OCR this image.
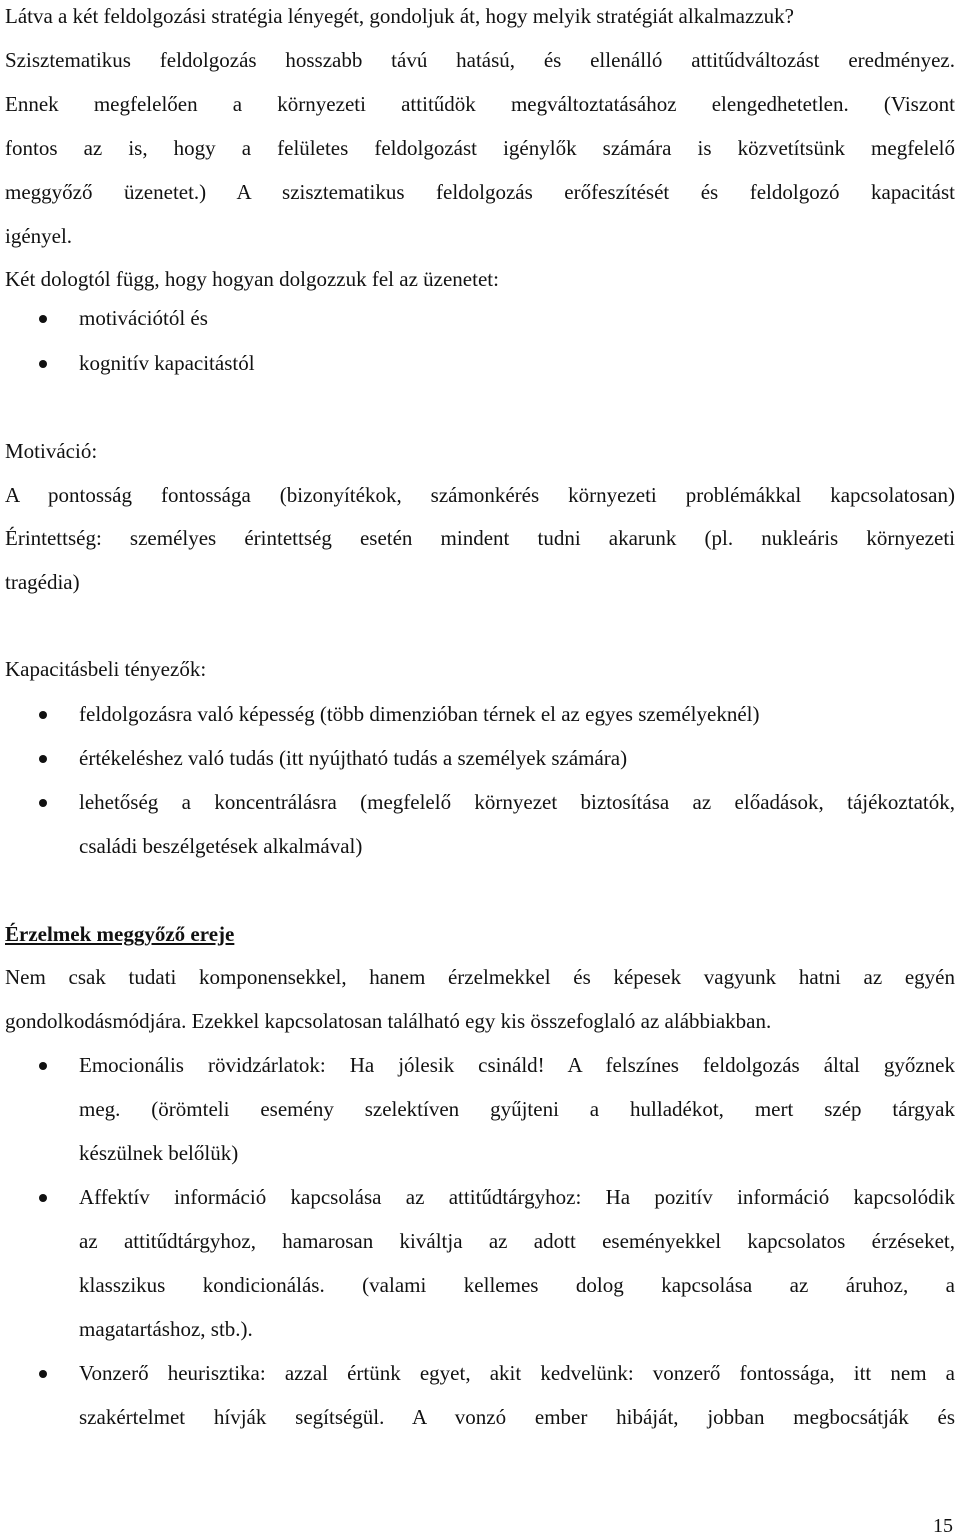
Látva a két feldolgozási stratégia lényegét, gondoljuk át, hogy melyik stratégiát alkalmazzuk?
Szisztematikus feldolgozás hosszabb távú hatású, és ellenálló attitűdváltozást eredményez.
Ennek megfelelően a környezeti attitűdök megváltoztatásához elengedhetetlen. (Viszont
fontos az is, hogy a felületes feldolgozást igénylők számára is közvetítsünk megfelelő
meggyőző üzenetet.) A szisztematikus feldolgozás erőfeszítését és feldolgozó kapacitást
igényel.
Két dologtól függ, hogy hogyan dolgozzuk fel az üzenetet:
motivációtól és
kognitív kapacitástól
Motiváció:
A pontosság fontossága (bizonyítékok, számonkérés környezeti problémákkal kapcsolatosan)
Érintettség: személyes érintettség esetén mindent tudni akarunk (pl. nukleáris környezeti
tragédia)
Kapacitásbeli tényezők:
feldolgozásra való képesség (több dimenzióban térnek el az egyes személyeknél)
értékeléshez való tudás (itt nyújtható tudás a személyek számára)
lehetőség a koncentrálásra (megfelelő környezet biztosítása az előadások, tájékoztatók,
családi beszélgetések alkalmával)
Érzelmek meggyőző ereje
Nem csak tudati komponensekkel, hanem érzelmekkel és képesek vagyunk hatni az egyén
gondolkodásmódjára. Ezekkel kapcsolatosan található egy kis összefoglaló az alábbiakban.
Emocionális rövidzárlatok: Ha jólesik csináld! A felszínes feldolgozás által győznek
meg. (örömteli esemény szelektíven gyűjteni a hulladékot, mert szép tárgyak
készülnek belőlük)
Affektív információ kapcsolása az attitűdtárgyhoz: Ha pozitív információ kapcsolódik
az attitűdtárgyhoz, hamarosan kiváltja az adott eseményekkel kapcsolatos érzéseket,
klasszikus kondicionálás. (valami kellemes dolog kapcsolása az áruhoz, a
magatartáshoz, stb.).
Vonzerő heurisztika: azzal értünk egyet, akit kedvelünk: vonzerő fontossága, itt nem a
szakértelmet hívják segítségül. A vonzó ember hibáját, jobban megbocsátják és
15
